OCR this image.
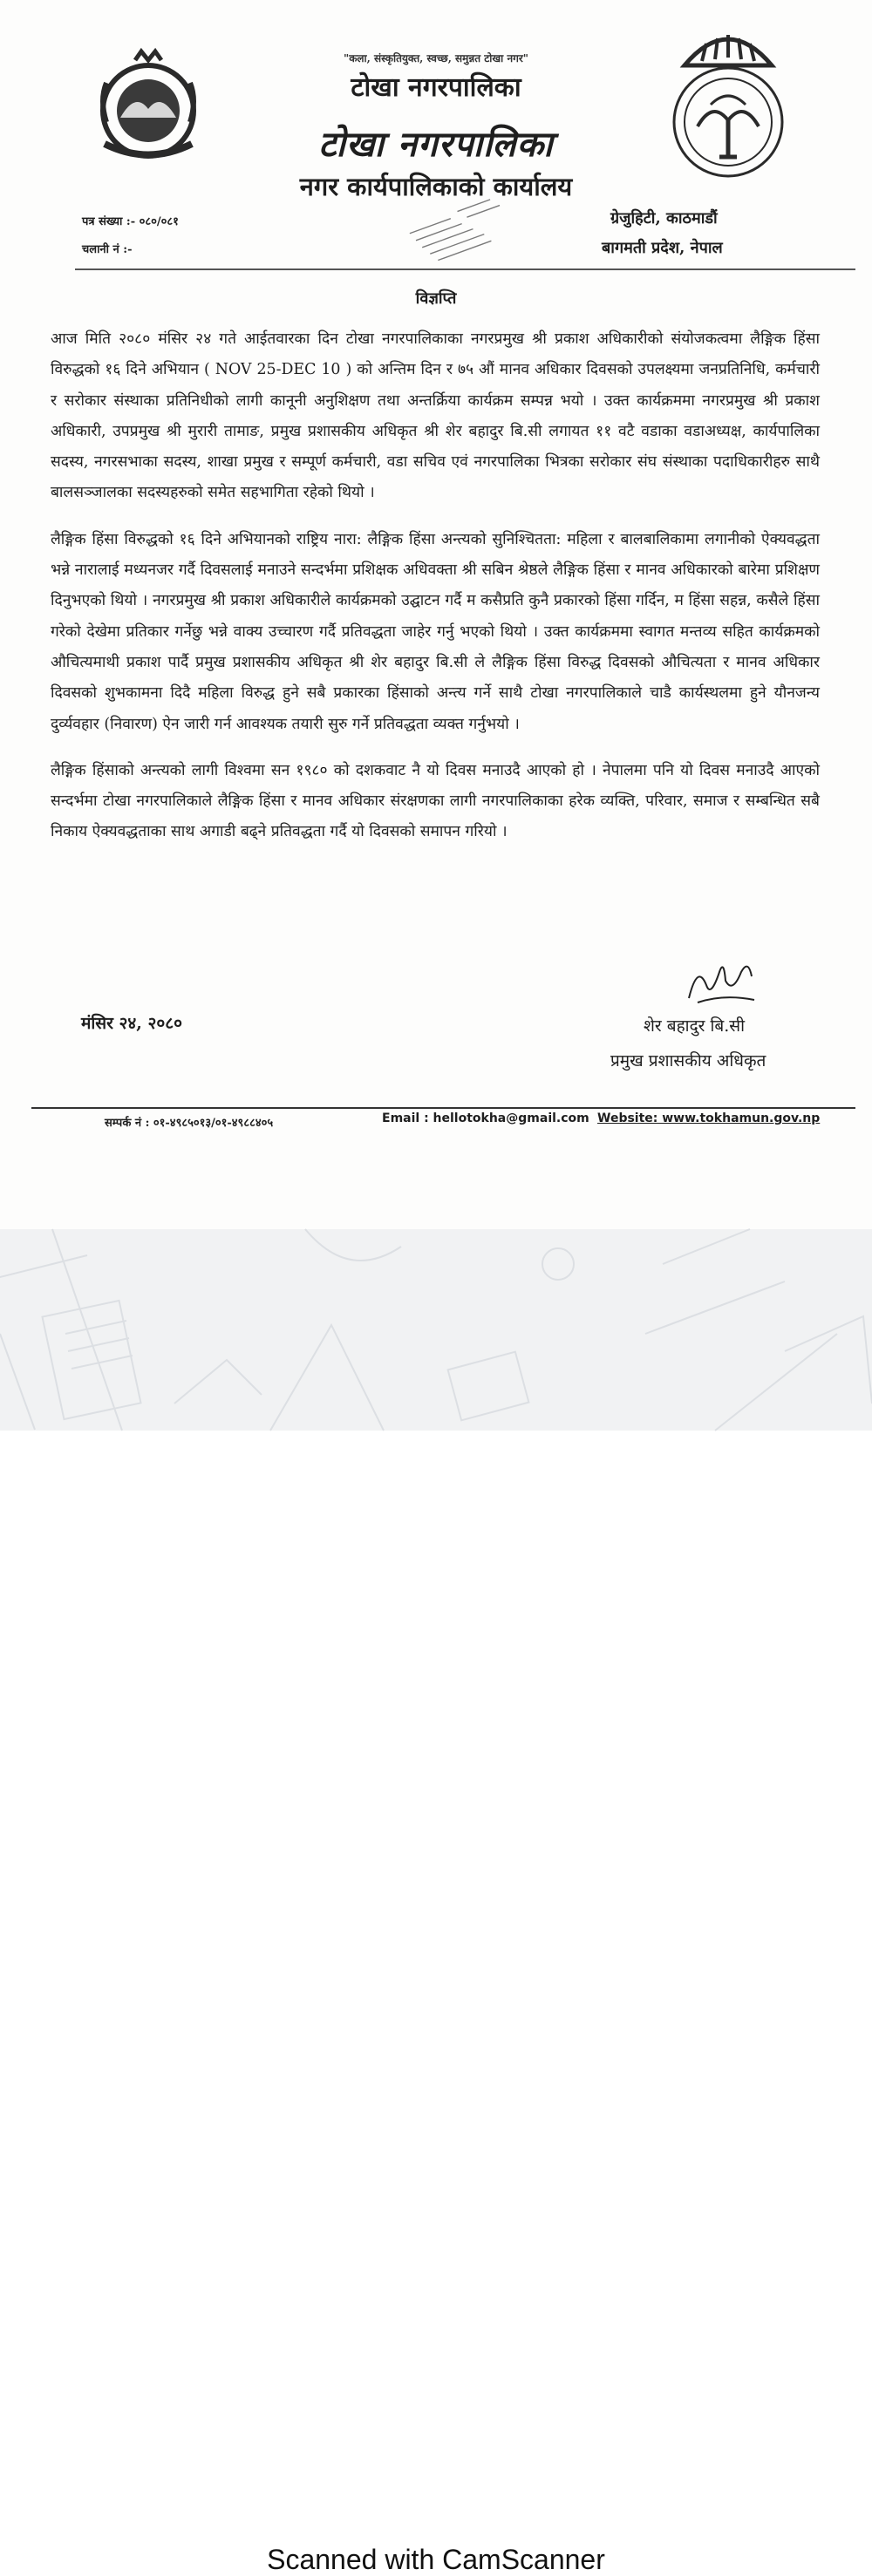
"कला, संस्कृतियुक्त, स्वच्छ, समुन्नत टोखा नगर"
टोखा नगरपालिका
टोखा नगरपालिका
नगर कार्यपालिकाको कार्यालय
पत्र संख्या :- ०८०/०८१
चलानी नं :-
ग्रेजुहिटी, काठमाडौं
बागमती प्रदेश, नेपाल
विज्ञप्ति

आज मिति २०८० मंसिर २४ गते आईतवारका दिन टोखा नगरपालिकाका नगरप्रमुख श्री प्रकाश अधिकारीको संयोजकत्वमा लैङ्गिक हिंसा विरुद्धको १६ दिने अभियान ( NOV 25-DEC 10 ) को अन्तिम दिन र ७५ औं मानव अधिकार दिवसको उपलक्ष्यमा जनप्रतिनिधि, कर्मचारी र सरोकार संस्थाका प्रतिनिधीको लागी कानूनी अनुशिक्षण तथा अन्तर्क्रिया कार्यक्रम सम्पन्न भयो । उक्त कार्यक्रममा नगरप्रमुख श्री प्रकाश अधिकारी, उपप्रमुख श्री मुरारी तामाङ, प्रमुख प्रशासकीय अधिकृत श्री शेर बहादुर बि.सी लगायत ११ वटै वडाका वडाअध्यक्ष, कार्यपालिका सदस्य, नगरसभाका सदस्य, शाखा प्रमुख र सम्पूर्ण कर्मचारी, वडा सचिव एवं नगरपालिका भित्रका सरोकार संघ संस्थाका पदाधिकारीहरु साथै बालसञ्जालका सदस्यहरुको समेत सहभागिता रहेको थियो ।

लैङ्गिक हिंसा विरुद्धको १६ दिने अभियानको राष्ट्रिय नारा: लैङ्गिक हिंसा अन्त्यको सुनिश्चितता: महिला र बालबालिकामा लगानीको ऐक्यवद्धता भन्ने नारालाई मध्यनजर गर्दै दिवसलाई मनाउने सन्दर्भमा प्रशिक्षक अधिवक्ता श्री सबिन श्रेष्ठले लैङ्गिक हिंसा र मानव अधिकारको बारेमा प्रशिक्षण दिनुभएको थियो । नगरप्रमुख श्री प्रकाश अधिकारीले कार्यक्रमको उद्घाटन गर्दै म कसैप्रति कुनै प्रकारको हिंसा गर्दिन, म हिंसा सहन्न, कसैले हिंसा गरेको देखेमा प्रतिकार गर्नेछु भन्ने वाक्य उच्चारण गर्दै प्रतिवद्धता जाहेर गर्नु भएको थियो । उक्त कार्यक्रममा स्वागत मन्तव्य सहित कार्यक्रमको औचित्यमाथी प्रकाश पार्दै प्रमुख प्रशासकीय अधिकृत श्री शेर बहादुर बि.सी ले लैङ्गिक हिंसा विरुद्ध दिवसको औचित्यता र मानव अधिकार दिवसको शुभकामना दिदै महिला विरुद्ध हुने सबै प्रकारका हिंसाको अन्त्य गर्ने साथै टोखा नगरपालिकाले चाडै कार्यस्थलमा हुने यौनजन्य दुर्व्यवहार (निवारण) ऐन जारी गर्न आवश्यक तयारी सुरु गर्ने प्रतिवद्धता व्यक्त गर्नुभयो ।

लैङ्गिक हिंसाको अन्त्यको लागी विश्वमा सन १९८० को दशकवाट नै यो दिवस मनाउदै आएको हो । नेपालमा पनि यो दिवस मनाउदै आएको सन्दर्भमा टोखा नगरपालिकाले लैङ्गिक हिंसा र मानव अधिकार संरक्षणका लागी नगरपालिकाका हरेक व्यक्ति, परिवार, समाज र सम्बन्धित सबै निकाय ऐक्यवद्धताका साथ अगाडी बढ्ने प्रतिवद्धता गर्दै यो दिवसको समापन गरियो ।

मंसिर २४, २०८०	शेर बहादुर बि.सी
प्रमुख प्रशासकीय अधिकृत
सम्पर्क नं : ०१-४९८५०१३/०१-४९८८४०५	Email : hellotokha@gmail.com Website: www.tokhamun.gov.np
Scanned with CamScanner
